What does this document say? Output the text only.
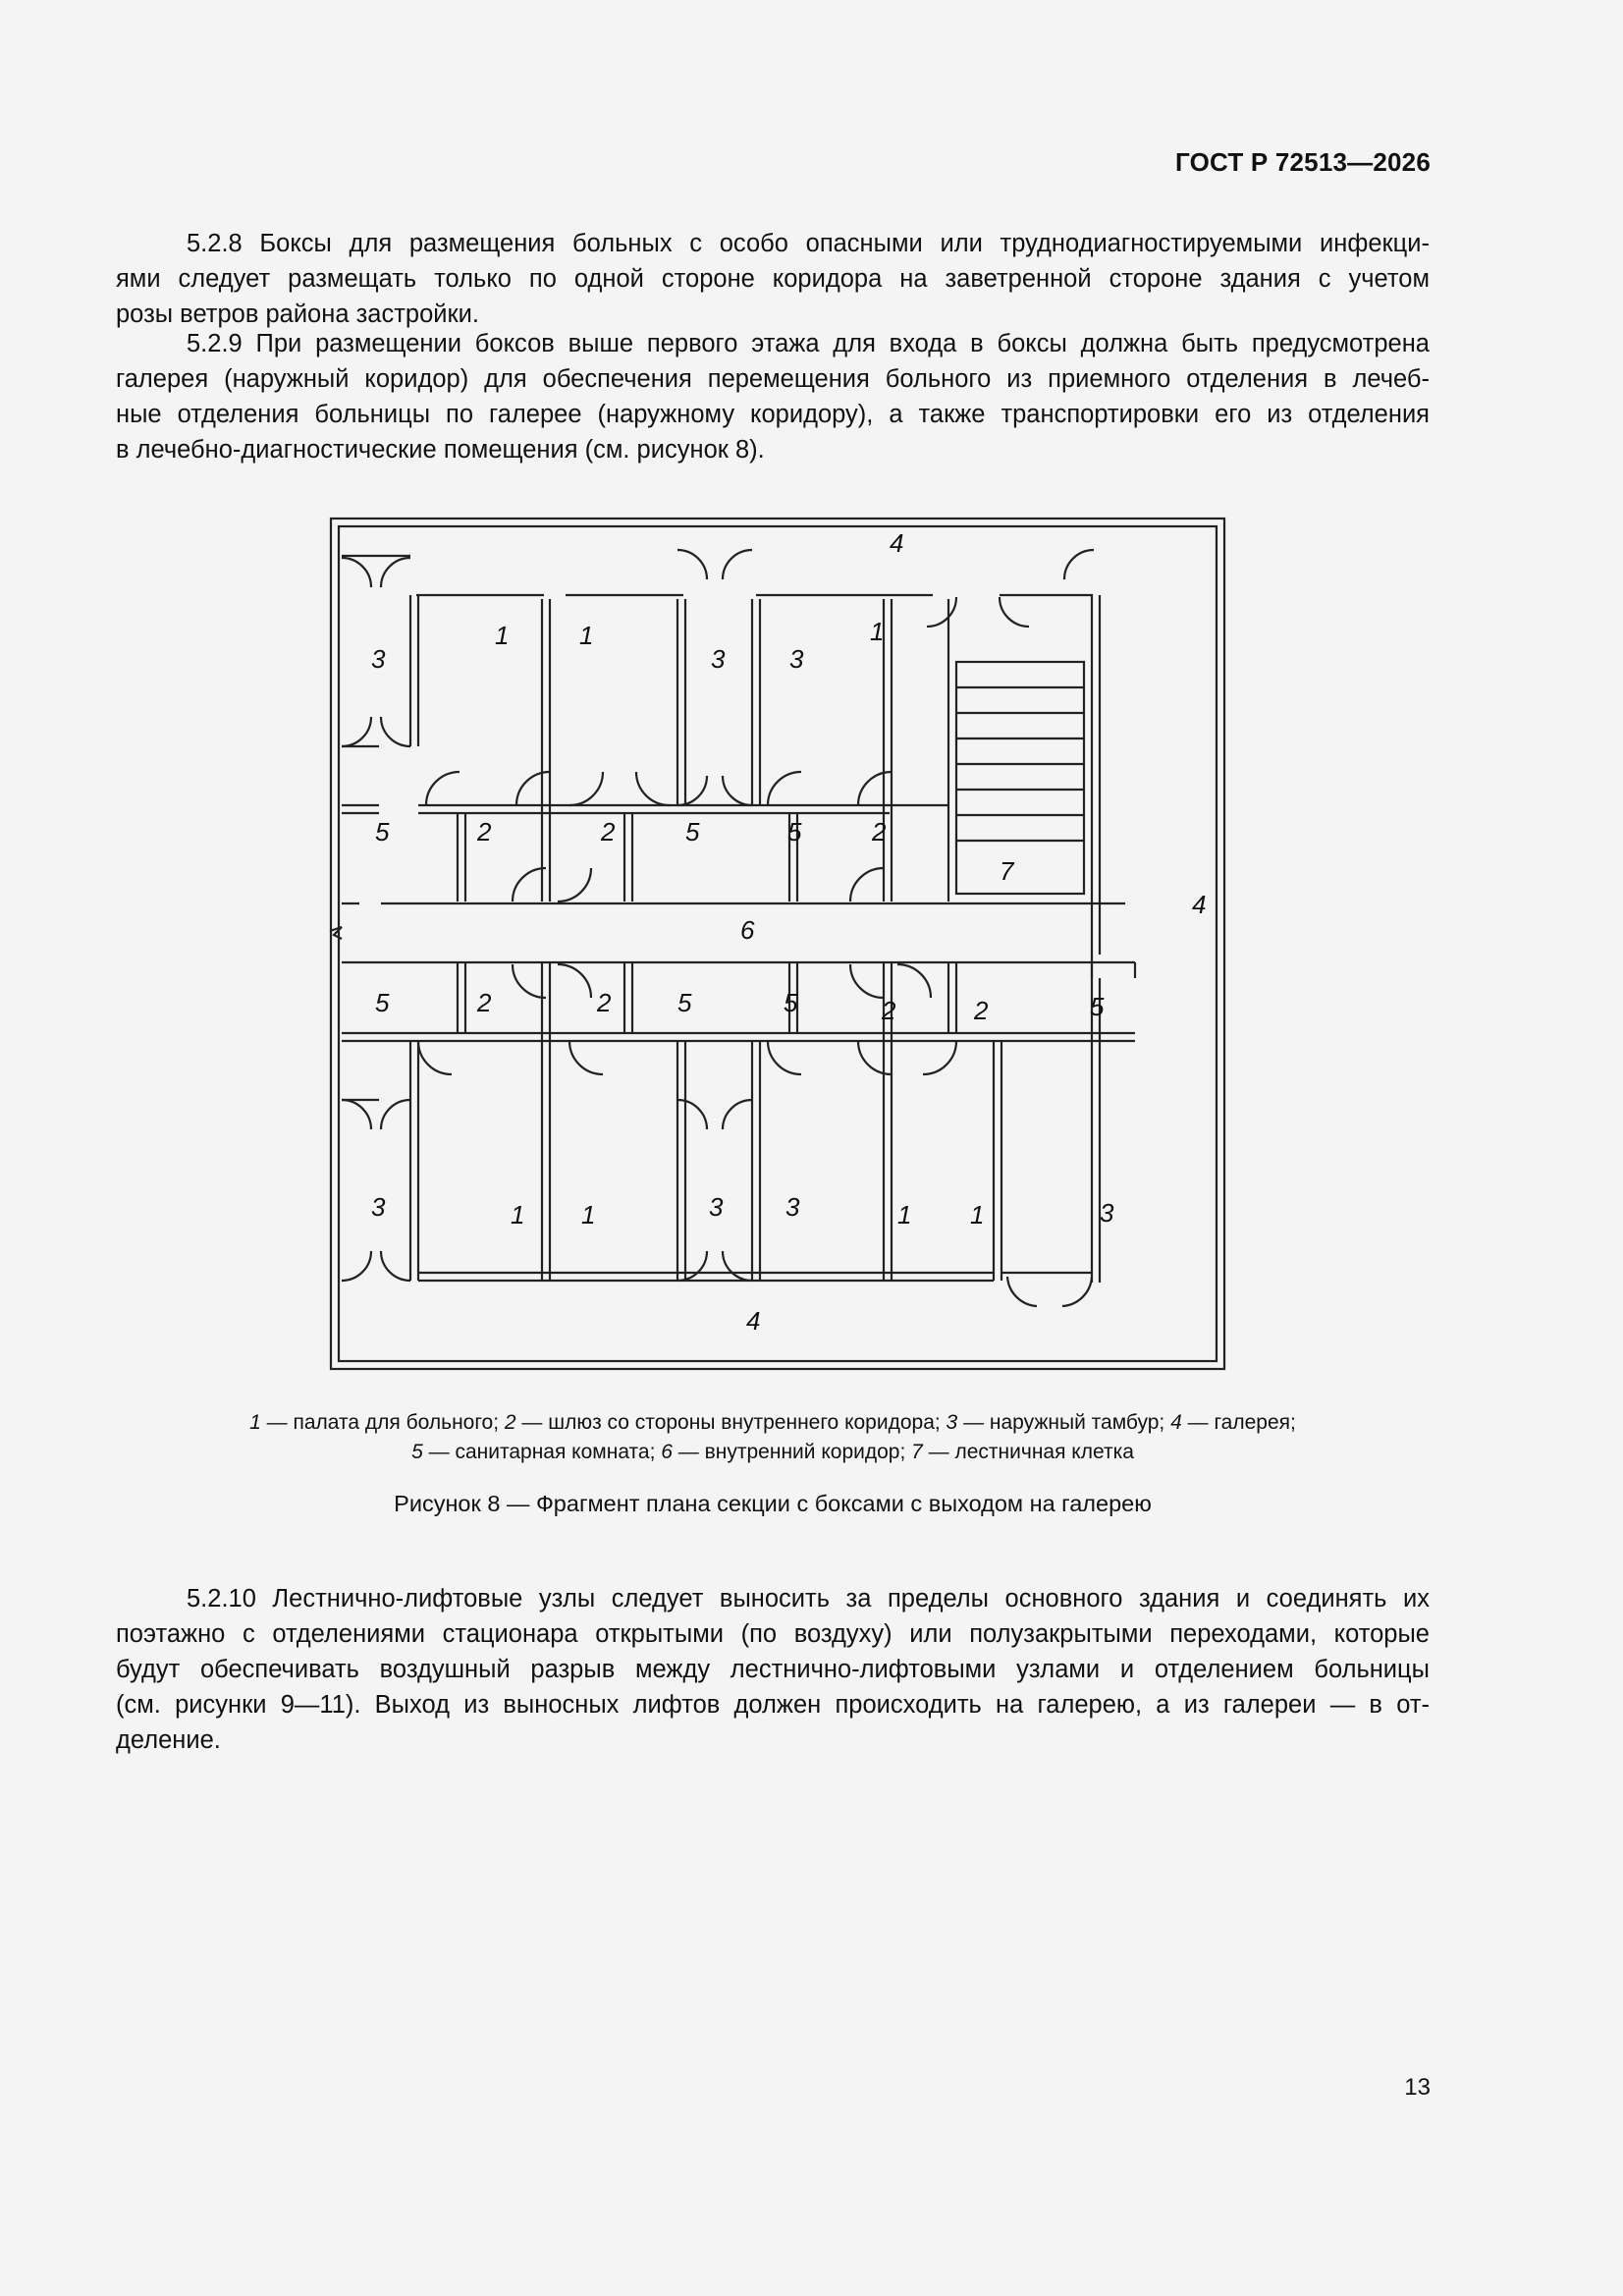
ГОСТ Р 72513—2026

5.2.8 Боксы для размещения больных с особо опасными или труднодиагностируемыми инфекци-
ями следует размещать только по одной стороне коридора на заветренной стороне здания с учетом
розы ветров района застройки.

5.2.9 При размещении боксов выше первого этажа для входа в боксы должна быть предусмотрена
галерея (наружный коридор) для обеспечения перемещения больного из приемного отделения в лечеб-
ные отделения больницы по галерее (наружному коридору), а также транспортировки его из отделения
в лечебно-диагностические помещения (см. рисунок 8).

3
1	1
3	3
1
4
5	2	2	5	5	2
7
6
4
5	2	2	5	5	2	2	5
3	1 1	3 3	1 1	3
4
1 — палата для больного; 2 — шлюз со стороны внутреннего коридора; 3 — наружный тамбур; 4 — галерея;
5 — санитарная комната; 6 — внутренний коридор; 7 — лестничная клетка
Рисунок 8 — Фрагмент плана секции с боксами с выходом на галерею

5.2.10 Лестнично-лифтовые узлы следует выносить за пределы основного здания и соединять их
поэтажно с отделениями стационара открытыми (по воздуху) или полузакрытыми переходами, которые
будут обеспечивать воздушный разрыв между лестнично-лифтовыми узлами и отделением больницы
(см. рисунки 9—11). Выход из выносных лифтов должен происходить на галерею, а из галереи — в от-
деление.

13
